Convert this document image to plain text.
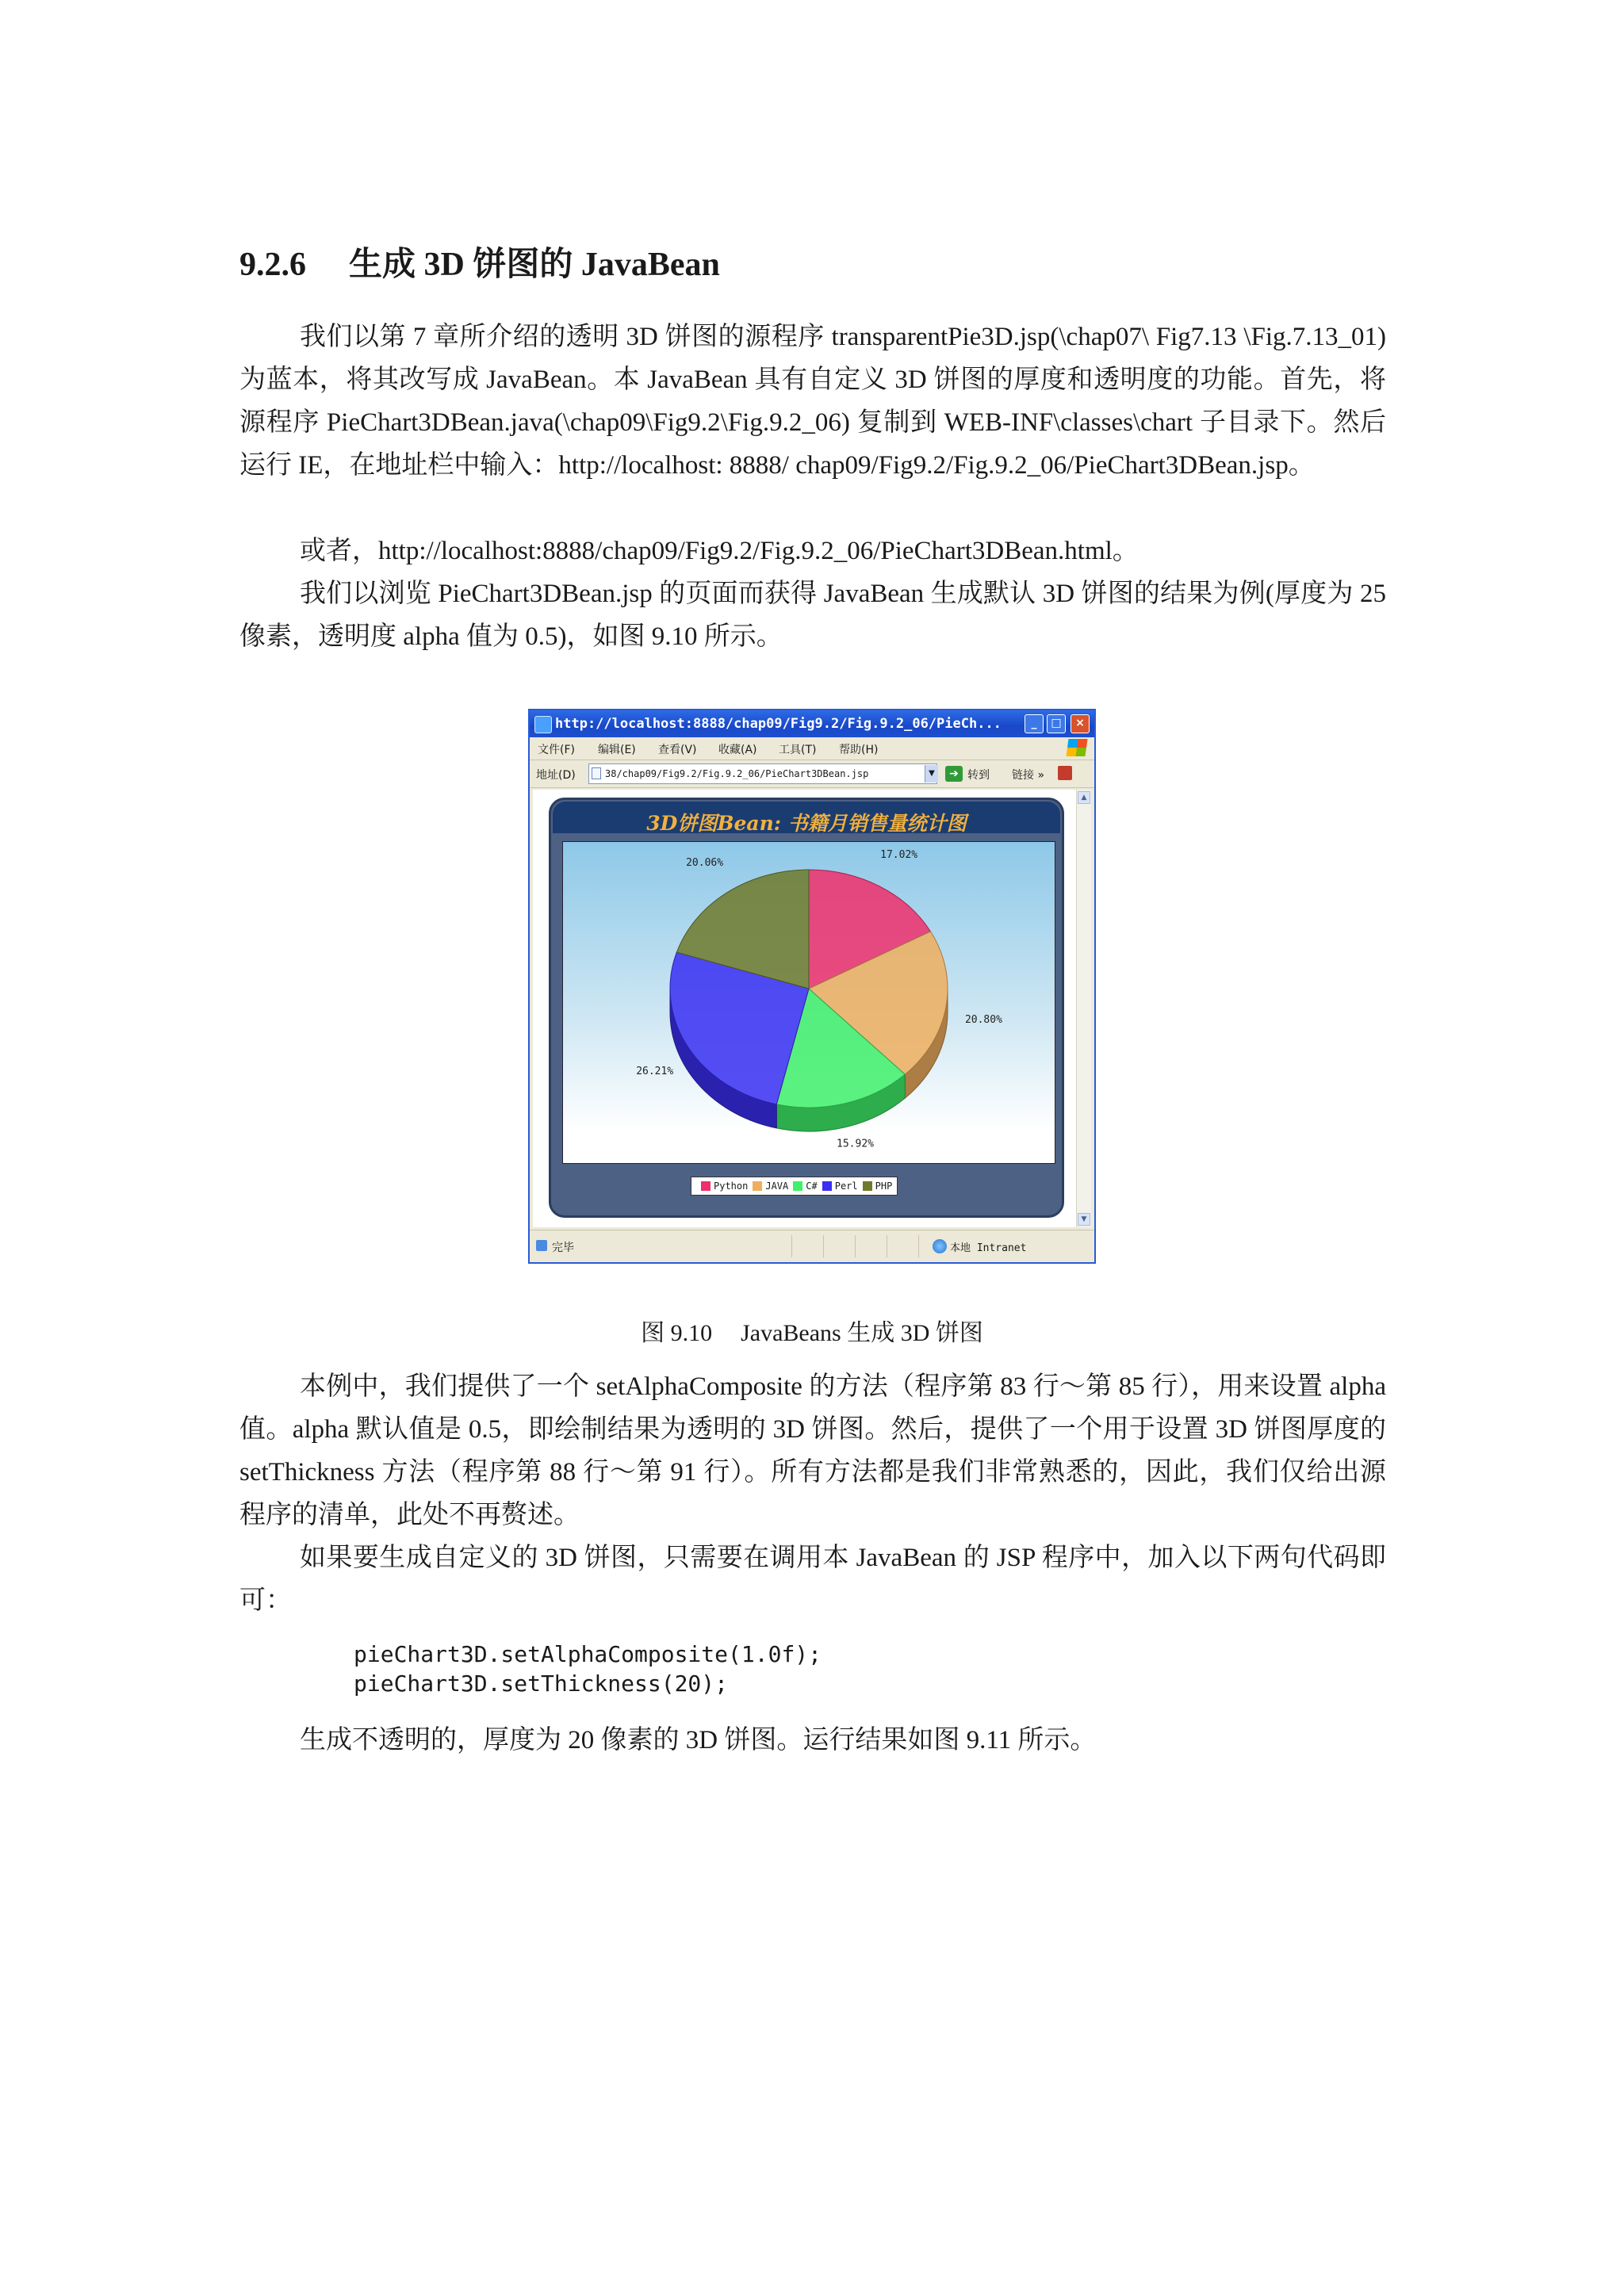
9.2.6 生成 3D 饼图的 JavaBean

我们以第 7 章所介绍的透明 3D 饼图的源程序 transparentPie3D.jsp(\chap07\ Fig7.13 \Fig.7.13_01)为蓝本，将其改写成 JavaBean。本 JavaBean 具有自定义 3D 饼图的厚度和透明度的功能。首先，将源程序 PieChart3DBean.java(\chap09\Fig9.2\Fig.9.2_06) 复制到 WEB-INF\classes\chart 子目录下。然后运行 IE，在地址栏中输入：http://localhost: 8888/ chap09/Fig9.2/Fig.9.2_06/PieChart3DBean.jsp。

或者，http://localhost:8888/chap09/Fig9.2/Fig.9.2_06/PieChart3DBean.html。

我们以浏览 PieChart3DBean.jsp 的页面而获得 JavaBean 生成默认 3D 饼图的结果为例(厚度为 25 像素，透明度 alpha 值为 0.5)，如图 9.10 所示。

http://localhost:8888/chap09/Fig9.2/Fig.9.2_06/PieCh...	_	□	×
文件(F) 编辑(E) 查看(V) 收藏(A) 工具(T) 帮助(H)
地址(D)	38/chap09/Fig9.2/Fig.9.2_06/PieChart3DBean.jsp	▼	➔ 转到 链接 »
3D饼图Bean: 书籍月销售量统计图
17.02%
20.80%
15.92%
26.21%
20.06%
Python JAVA C# Perl PHP
▲
▼
完毕	本地 Intranet

图 9.10 JavaBeans 生成 3D 饼图

本例中，我们提供了一个 setAlphaComposite 的方法（程序第 83 行～第 85 行），用来设置 alpha 值。alpha 默认值是 0.5，即绘制结果为透明的 3D 饼图。然后，提供了一个用于设置 3D 饼图厚度的 setThickness 方法（程序第 88 行～第 91 行）。所有方法都是我们非常熟悉的，因此，我们仅给出源程序的清单，此处不再赘述。

如果要生成自定义的 3D 饼图，只需要在调用本 JavaBean 的 JSP 程序中，加入以下两句代码即可：

pieChart3D.setAlphaComposite(1.0f);
pieChart3D.setThickness(20);

生成不透明的，厚度为 20 像素的 3D 饼图。运行结果如图 9.11 所示。
